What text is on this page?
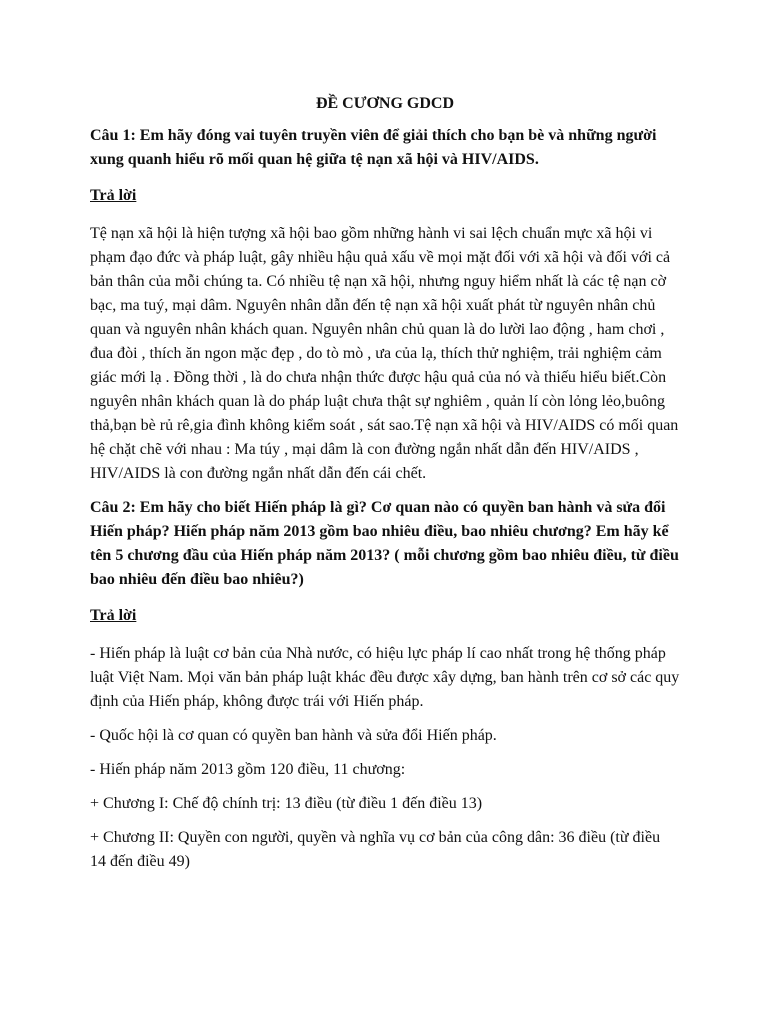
ĐỀ CƯƠNG GDCD
Câu 1: Em hãy đóng vai tuyên truyền viên để giải thích cho bạn bè và những người xung quanh hiểu rõ mối quan hệ giữa tệ nạn xã hội và HIV/AIDS.
Trả lời
Tệ nạn xã hội là hiện tượng xã hội bao gồm những hành vi sai lệch chuẩn mực xã hội vi phạm đạo đức và pháp luật, gây nhiều hậu quả xấu về mọi mặt đối với xã hội và đối với cả bản thân của mỗi chúng ta. Có nhiều tệ nạn xã hội, nhưng nguy hiểm nhất là các tệ nạn cờ bạc, ma tuý, mại dâm. Nguyên nhân dẫn đến tệ nạn xã hội xuất phát từ nguyên nhân chủ quan và nguyên nhân khách quan. Nguyên nhân chủ quan là do lười lao động , ham chơi , đua đòi , thích ăn ngon mặc đẹp , do tò mò , ưa của lạ, thích thử nghiệm, trải nghiệm cảm giác mới lạ . Đồng thời , là do chưa nhận thức được hậu quả của nó và thiếu hiểu biết.Còn nguyên nhân khách quan là do pháp luật chưa thật sự nghiêm , quản lí còn lỏng lẻo,buông thả,bạn bè rủ rê,gia đình không kiểm soát , sát sao.Tệ nạn xã hội và HIV/AIDS có mối quan hệ chặt chẽ với nhau : Ma túy , mại dâm là con đường ngắn nhất dẫn đến HIV/AIDS , HIV/AIDS là con đường ngắn nhất dẫn đến cái chết.
Câu 2: Em hãy cho biết Hiến pháp là gì? Cơ quan nào có quyền ban hành và sửa đổi Hiến pháp? Hiến pháp năm 2013 gồm bao nhiêu điều, bao nhiêu chương? Em hãy kể tên 5 chương đầu của Hiến pháp năm 2013? ( mỗi chương gồm bao nhiêu điều, từ điều bao nhiêu đến điều bao nhiêu?)
Trả lời
- Hiến pháp là luật cơ bản của Nhà nước, có hiệu lực pháp lí cao nhất trong hệ thống pháp luật Việt Nam. Mọi văn bản pháp luật khác đều được xây dựng, ban hành trên cơ sở các quy định của Hiến pháp, không được trái với Hiến pháp.
- Quốc hội là cơ quan có quyền ban hành và sửa đổi Hiến pháp.
- Hiến pháp năm 2013 gồm 120 điều, 11 chương:
+ Chương I: Chế độ chính trị: 13 điều (từ điều 1 đến điều 13)
+ Chương II: Quyền con người, quyền và nghĩa vụ cơ bản của công dân: 36 điều (từ điều 14 đến điều 49)
